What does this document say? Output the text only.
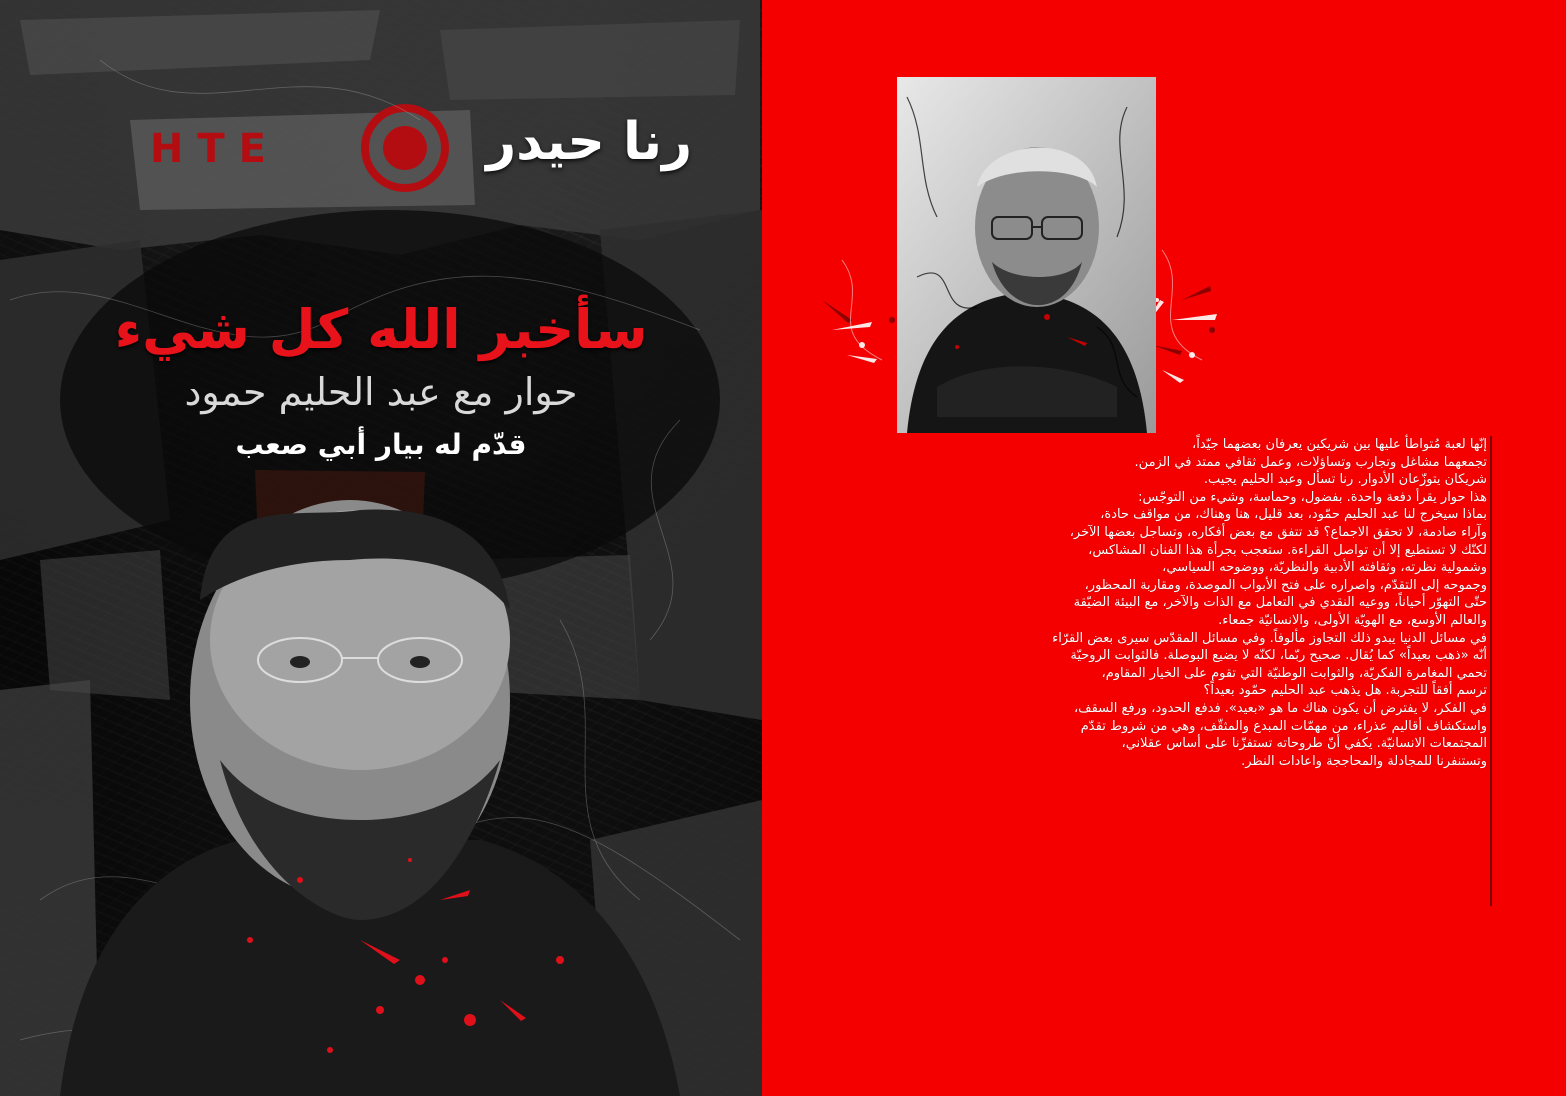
H T E	رنا حيدر
سأخبر الله كل شيء
حوار مع عبد الحليم حمود
قدّم له بيار أبي صعب	إنّها لعبة مُتواطأ عليها بين شريكين يعرفان بعضهما جيّداً،

تجمعهما مشاغل وتجارب وتساؤلات، وعمل ثقافي ممتد في الزمن.

شريكان يتوزّعان الأدوار. رنا تسأل وعبد الحليم يجيب.

هذا حوار يقرأ دفعة واحدة. بفضول، وحماسة، وشيء من التوجّس:

بماذا سيخرج لنا عبد الحليم حمّود، بعد قليل، هنا وهناك، من مواقف حادة،

وآراء صادمة، لا تحقق الاجماع؟ قد تتفق مع بعض أفكاره، وتساجل بعضها الآخر،

لكنّك لا تستطيع إلا أن تواصل القراءة. ستعجب بجرأة هذا الفنان المشاكس،

وشمولية نظرته، وثقافته الأدبية والنظريّة، ووضوحه السياسي،

وجموحه إلى التقدّم، واصراره على فتح الأبواب الموصدة، ومقاربة المحظور،

حتّى التهوّر أحياناً، ووعيه النقدي في التعامل مع الذات والآخر، مع البيئة الضيّقة

والعالم الأوسع، مع الهويّة الأولى، والانسانيّة جمعاء.

في مسائل الدنيا يبدو ذلك التجاوز مألوفاً. وفي مسائل المقدّس سيرى بعض القرّاء

أنّه «ذهب بعيداً» كما يُقال. صحيح ربّما، لكنّه لا يضيع البوصلة. فالثوابت الروحيّة

تحمي المغامرة الفكريّة، والثوابت الوطنيّة التي تقوم على الخيار المقاوم،

ترسم أفقاً للتجربة. هل يذهب عبد الحليم حمّود بعيداً؟

في الفكر، لا يفترض أن يكون هناك ما هو «بعيد». فدفع الحدود، ورفع السقف،

واستكشاف أقاليم عذراء، من مهمّات المبدع والمثقّف، وهي من شروط تقدّم

المجتمعات الانسانيّة. يكفي أنّ طروحاته تستفزّنا على أساس عقلاني،

وتستنفرنا للمجادلة والمحاججة واعادات النظر.
